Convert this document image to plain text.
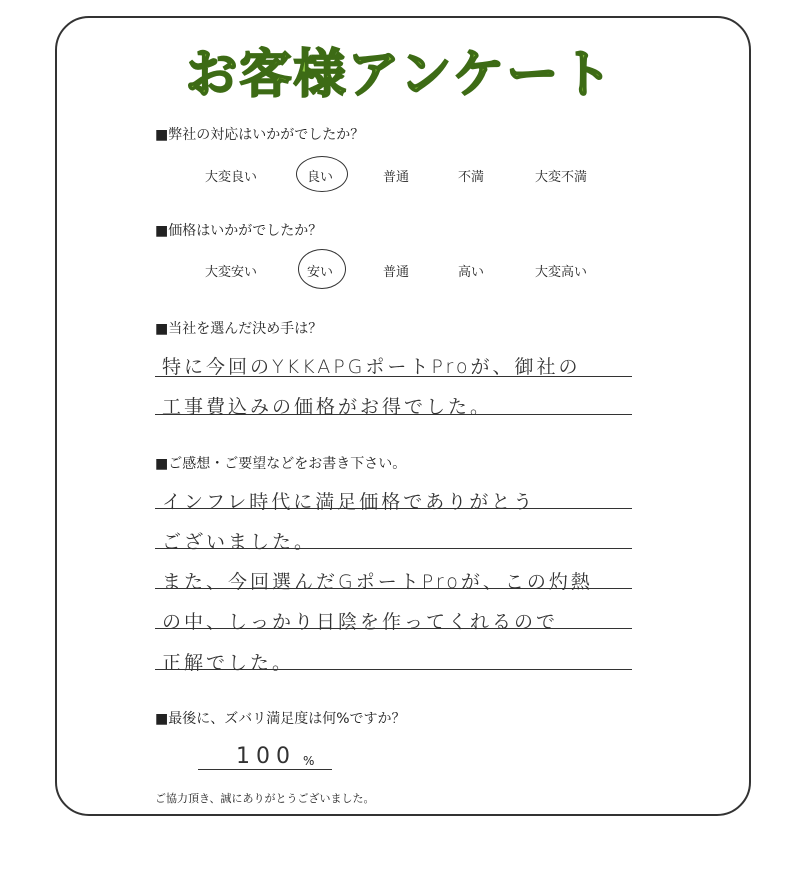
お客様アンケート
■弊社の対応はいかがでしたか？
大変良い	良い	普通	不満	大変不満
■価格はいかがでしたか？
大変安い	安い	普通	高い	大変高い
■当社を選んだ決め手は？
特に今回のYKKAPGポートProが、御社の
工事費込みの価格がお得でした。
■ご感想・ご要望などをお書き下さい。
インフレ時代に満足価格でありがとう
ございました。
また、今回選んだGポートProが、この灼熱
の中、しっかり日陰を作ってくれるので
正解でした。
■最後に、ズバリ満足度は何%ですか？
100 %
ご協力頂き、誠にありがとうございました。
